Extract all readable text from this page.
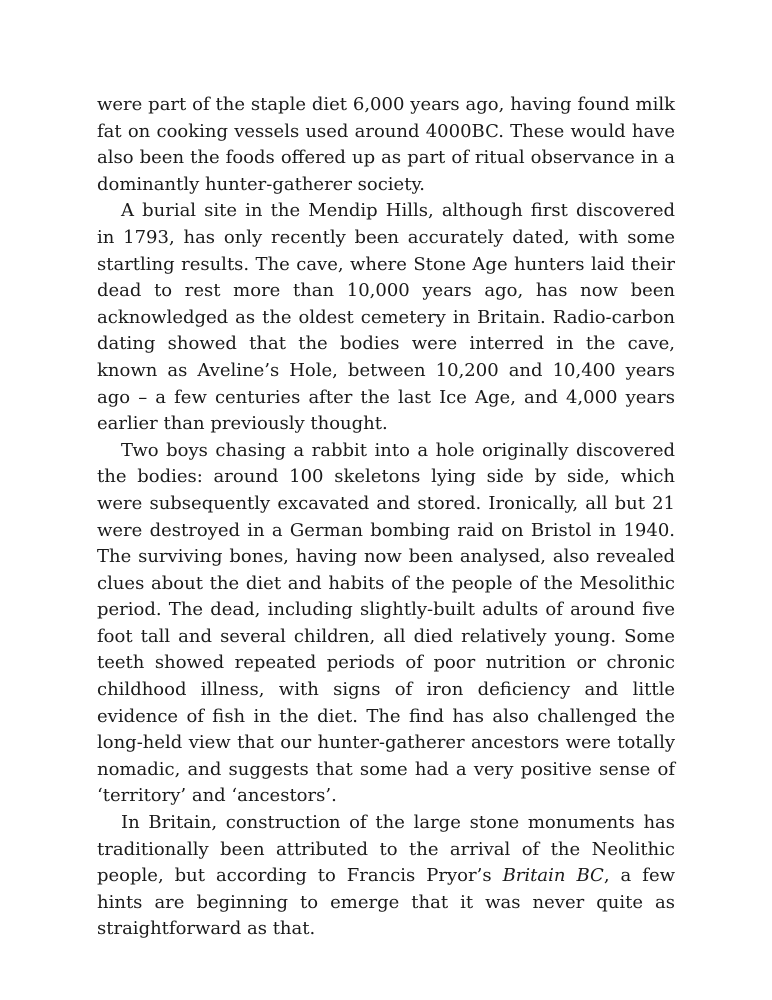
were part of the staple diet 6,000 years ago, having found milk fat on cooking vessels used around 4000BC. These would have also been the foods offered up as part of ritual observance in a dominantly hunter-gatherer society.

A burial site in the Mendip Hills, although first discovered in 1793, has only recently been accurately dated, with some startling results. The cave, where Stone Age hunters laid their dead to rest more than 10,000 years ago, has now been acknowledged as the oldest cemetery in Britain. Radio-carbon dating showed that the bodies were interred in the cave, known as Aveline’s Hole, between 10,200 and 10,400 years ago – a few centuries after the last Ice Age, and 4,000 years earlier than previously thought.

Two boys chasing a rabbit into a hole originally discovered the bodies: around 100 skeletons lying side by side, which were subsequently excavated and stored. Ironically, all but 21 were destroyed in a German bombing raid on Bristol in 1940. The surviving bones, having now been analysed, also revealed clues about the diet and habits of the people of the Mesolithic period. The dead, including slightly-built adults of around five foot tall and several children, all died relatively young. Some teeth showed repeated periods of poor nutrition or chronic childhood illness, with signs of iron deficiency and little evidence of fish in the diet. The find has also challenged the long-held view that our hunter-gatherer ancestors were totally nomadic, and suggests that some had a very positive sense of ‘territory’ and ‘ancestors’.

In Britain, construction of the large stone monuments has traditionally been attributed to the arrival of the Neolithic people, but according to Francis Pryor’s Britain BC, a few hints are beginning to emerge that it was never quite as straightforward as that.
